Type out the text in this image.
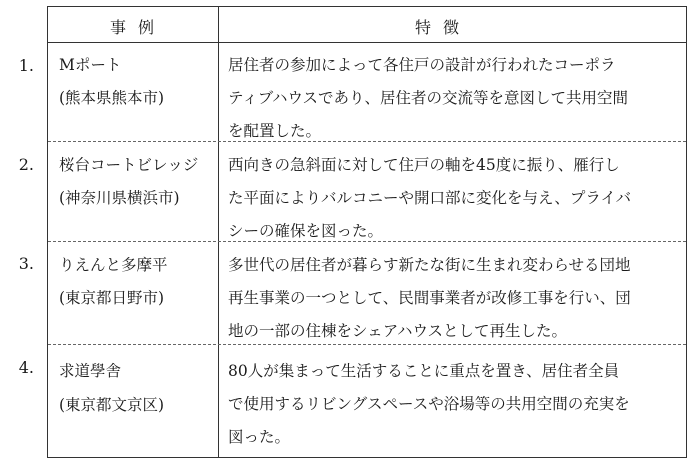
1.
2.
3.
4.
事例	特徴
Mポート
(熊本県熊本市)
居住者の参加によって各住戸の設計が行われたコーポラ
ティブハウスであり、居住者の交流等を意図して共用空間
を配置した。
桜台コートビレッジ
(神奈川県横浜市)
西向きの急斜面に対して住戸の軸を45度に振り、雁行し
た平面によりバルコニーや開口部に変化を与え、プライバ
シーの確保を図った。
りえんと多摩平
(東京都日野市)
多世代の居住者が暮らす新たな街に生まれ変わらせる団地
再生事業の一つとして、民間事業者が改修工事を行い、団
地の一部の住棟をシェアハウスとして再生した。
求道學舎
(東京都文京区)
80人が集まって生活することに重点を置き、居住者全員
で使用するリビングスペースや浴場等の共用空間の充実を
図った。
